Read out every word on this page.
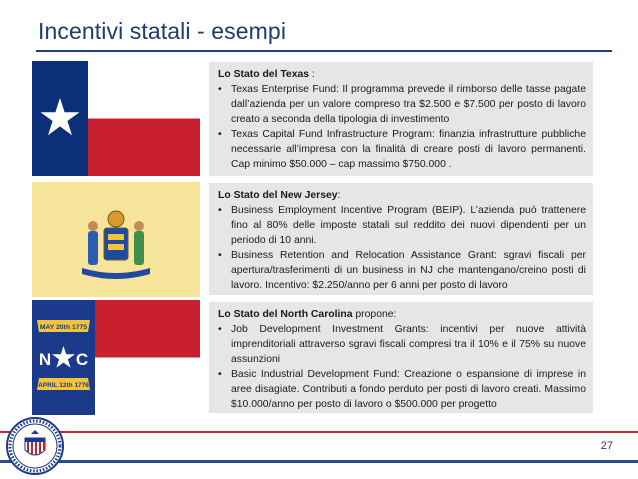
Incentivi statali - esempi
Lo Stato del Texas :
• Texas Enterprise Fund: Il programma prevede il rimborso delle tasse pagate dall’azienda per un valore compreso tra $2.500 e $7.500 per posto di lavoro creato a seconda della tipologia di investimento
• Texas Capital Fund Infrastructure Program: finanzia infrastrutture pubbliche necessarie all’impresa con la finalità di creare posti di lavoro permanenti. Cap minimo $50.000 – cap massimo $750.000 .
Lo Stato del New Jersey:
• Business Employment Incentive Program (BEIP). L’azienda può trattenere fino al 80% delle imposte statali sul reddito dei nuovi dipendenti per un periodo di 10 anni.
• Business Retention and Relocation Assistance Grant: sgravi fiscali per apertura/trasferimenti di un business in NJ che mantengano/creino posti di lavoro. Incentivo: $2.250/anno per 6 anni per posto di lavoro
MAY 20th 1775
N C
APRIL 12th 1776
Lo Stato del North Carolina propone:
• Job Development Investment Grants: incentivi per nuove attività imprenditoriali attraverso sgravi fiscali compresi tra il 10% e il 75% su nuove assunzioni
• Basic Industrial Development Fund: Creazione o espansione di imprese in aree disagiate. Contributi a fondo perduto per posti di lavoro creati. Massimo $10.000/anno per posto di lavoro o $500.000 per progetto
27
